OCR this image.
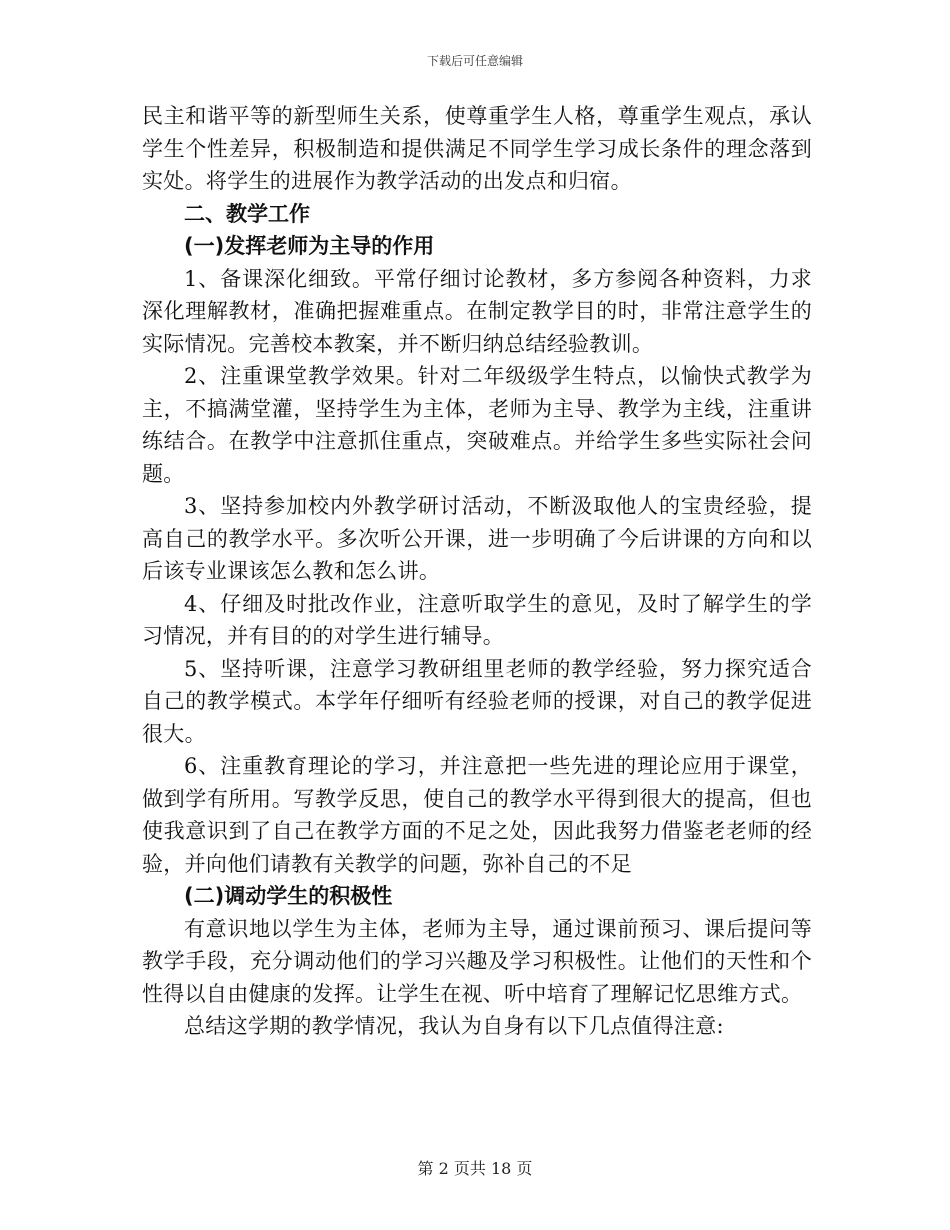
下载后可任意编辑

民主和谐平等的新型师生关系，使尊重学生人格，尊重学生观点，承认学生个性差异，积极制造和提供满足不同学生学习成长条件的理念落到实处。将学生的进展作为教学活动的出发点和归宿。

二、教学工作

(一)发挥老师为主导的作用

1、备课深化细致。平常仔细讨论教材，多方参阅各种资料，力求深化理解教材，准确把握难重点。在制定教学目的时，非常注意学生的实际情况。完善校本教案，并不断归纳总结经验教训。

2、注重课堂教学效果。针对二年级级学生特点，以愉快式教学为主，不搞满堂灌，坚持学生为主体，老师为主导、教学为主线，注重讲练结合。在教学中注意抓住重点，突破难点。并给学生多些实际社会问题。

3、坚持参加校内外教学研讨活动，不断汲取他人的宝贵经验，提高自己的教学水平。多次听公开课，进一步明确了今后讲课的方向和以后该专业课该怎么教和怎么讲。

4、仔细及时批改作业，注意听取学生的意见，及时了解学生的学习情况，并有目的的对学生进行辅导。

5、坚持听课，注意学习教研组里老师的教学经验，努力探究适合自己的教学模式。本学年仔细听有经验老师的授课，对自己的教学促进很大。

6、注重教育理论的学习，并注意把一些先进的理论应用于课堂，做到学有所用。写教学反思，使自己的教学水平得到很大的提高，但也使我意识到了自己在教学方面的不足之处，因此我努力借鉴老老师的经验，并向他们请教有关教学的问题，弥补自己的不足

(二)调动学生的积极性

有意识地以学生为主体，老师为主导，通过课前预习、课后提问等教学手段，充分调动他们的学习兴趣及学习积极性。让他们的天性和个性得以自由健康的发挥。让学生在视、听中培育了理解记忆思维方式。

总结这学期的教学情况，我认为自身有以下几点值得注意:

第 2 页共 18 页
